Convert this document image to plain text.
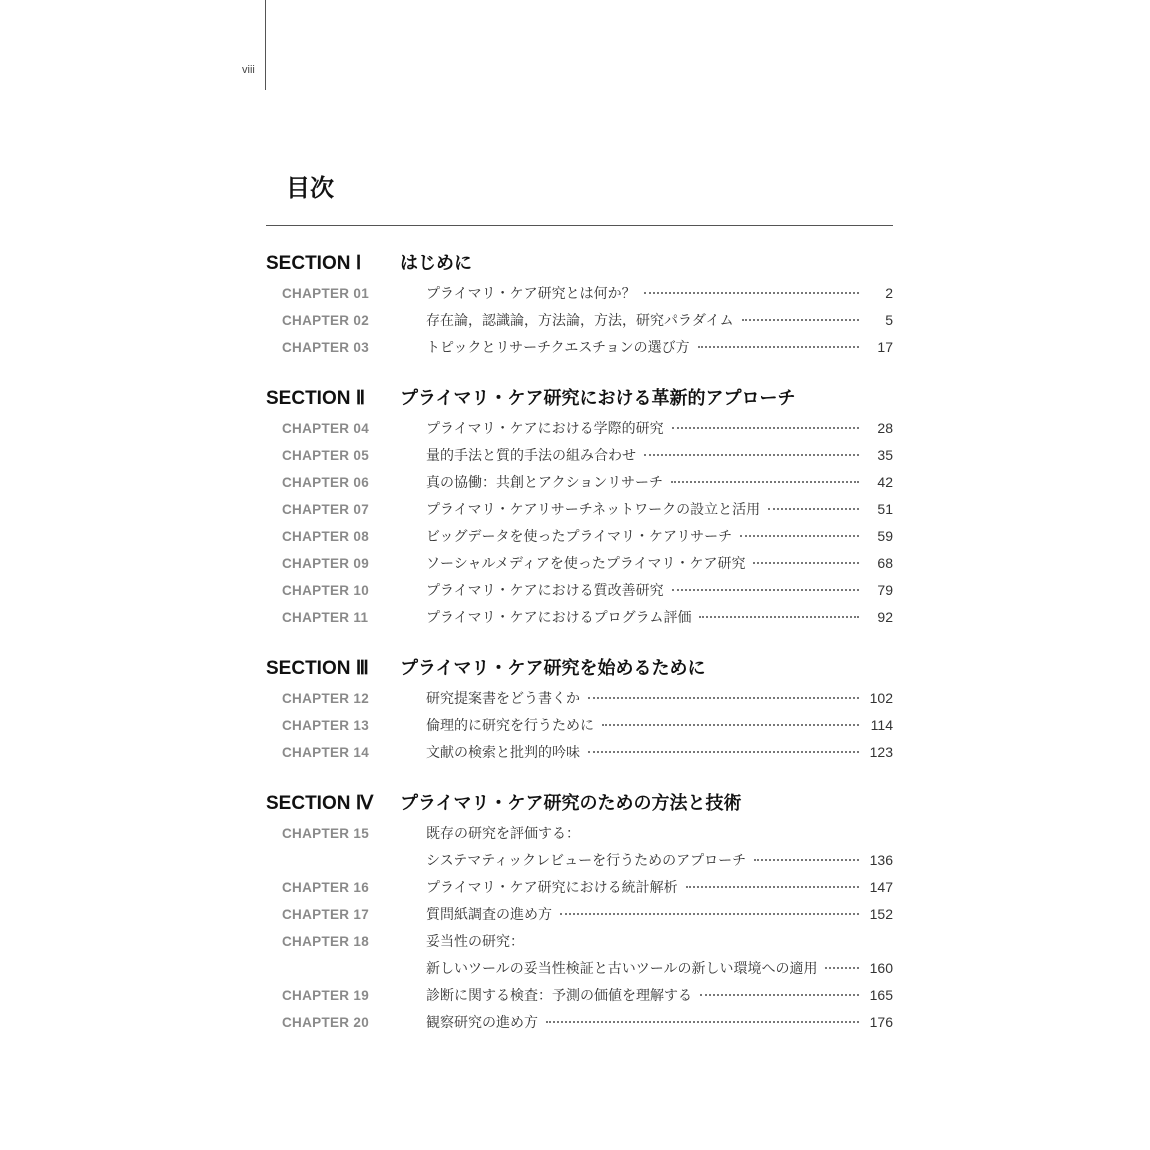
viii
目次
SECTION Ⅰ	はじめに
CHAPTER 01	プライマリ・ケア研究とは何か？	2
CHAPTER 02	存在論，認識論，方法論，方法，研究パラダイム	5
CHAPTER 03	トピックとリサーチクエスチョンの選び方	17
SECTION Ⅱ	プライマリ・ケア研究における革新的アプローチ
CHAPTER 04	プライマリ・ケアにおける学際的研究	28
CHAPTER 05	量的手法と質的手法の組み合わせ	35
CHAPTER 06	真の協働：共創とアクションリサーチ	42
CHAPTER 07	プライマリ・ケアリサーチネットワークの設立と活用	51
CHAPTER 08	ビッグデータを使ったプライマリ・ケアリサーチ	59
CHAPTER 09	ソーシャルメディアを使ったプライマリ・ケア研究	68
CHAPTER 10	プライマリ・ケアにおける質改善研究	79
CHAPTER 11	プライマリ・ケアにおけるプログラム評価	92
SECTION Ⅲ	プライマリ・ケア研究を始めるために
CHAPTER 12	研究提案書をどう書くか	102
CHAPTER 13	倫理的に研究を行うために	114
CHAPTER 14	文献の検索と批判的吟味	123
SECTION Ⅳ	プライマリ・ケア研究のための方法と技術
CHAPTER 15	既存の研究を評価する：
システマティックレビューを行うためのアプローチ	136
CHAPTER 16	プライマリ・ケア研究における統計解析	147
CHAPTER 17	質問紙調査の進め方	152
CHAPTER 18	妥当性の研究：
新しいツールの妥当性検証と古いツールの新しい環境への適用	160
CHAPTER 19	診断に関する検査：予測の価値を理解する	165
CHAPTER 20	観察研究の進め方	176
